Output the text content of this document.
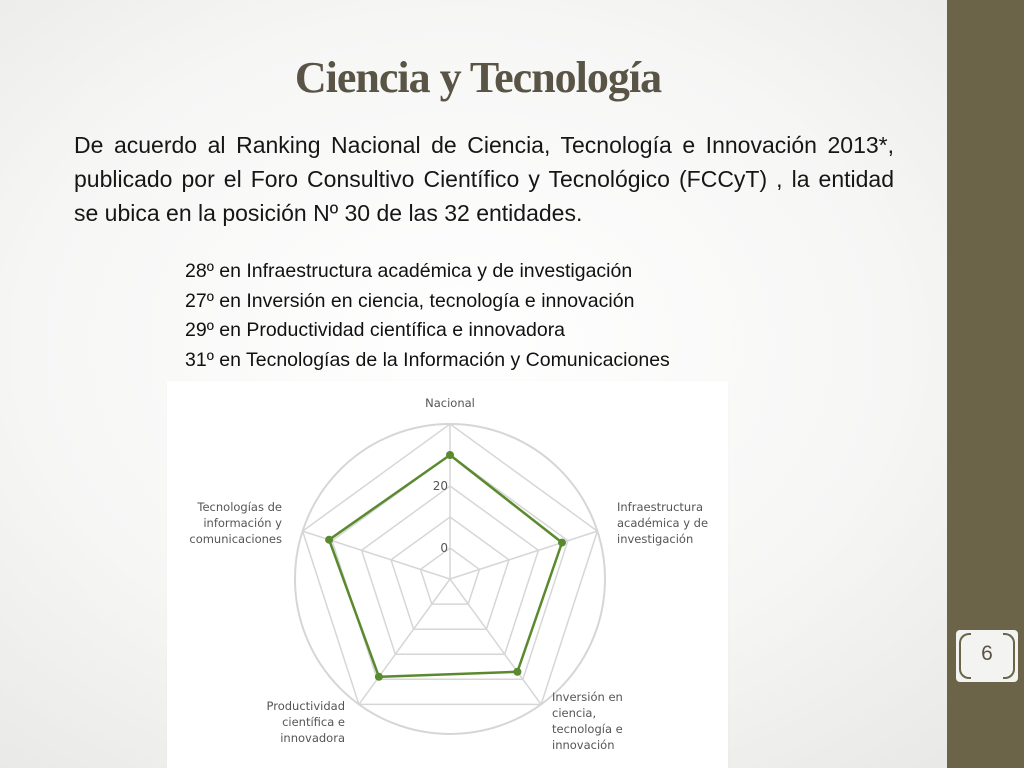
6
Ciencia y Tecnología

De acuerdo al Ranking Nacional de Ciencia, Tecnología e Innovación 2013*, publicado por el Foro Consultivo Científico y Tecnológico (FCCyT) , la entidad se ubica en la posición Nº 30 de las 32 entidades.

28º en Infraestructura académica y de investigación
27º en Inversión en ciencia, tecnología e innovación
29º en Productividad científica e innovadora
31º en Tecnologías de la Información y Comunicaciones
0
20
Nacional
Infraestructura académica y de investigación
Inversión en ciencia, tecnología e innovación
Productividad científica e innovadora
Tecnologías de información y comunicaciones
